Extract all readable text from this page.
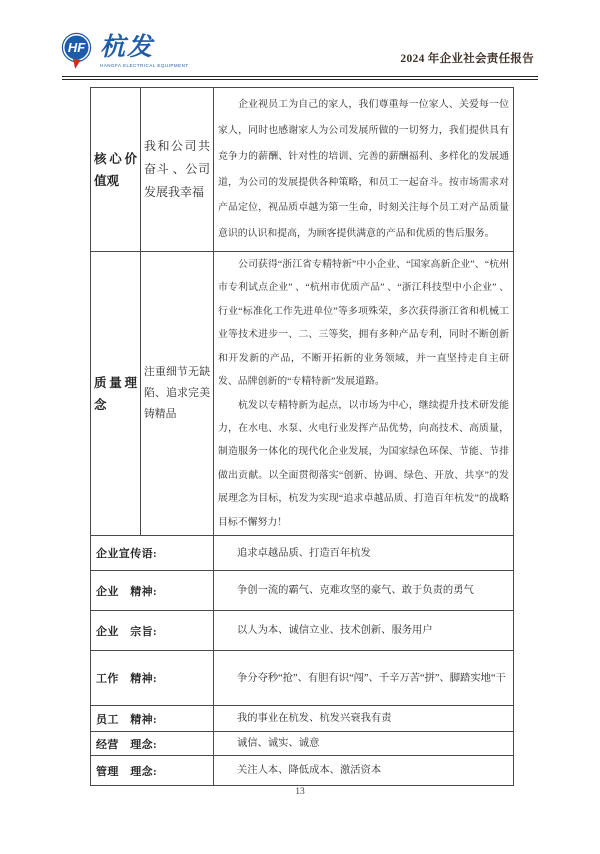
HF 杭发
HANGFA ELECTRICAL EQUIPMENT
2024 年企业社会责任报告
核心价值观	我和公司共奋斗 、公司发展我幸福	企业视员工为自己的家人，我们尊重每一位家人、关爱每一位家人，同时也感谢家人为公司发展所做的一切努力，我们提供具有竞争力的薪酬、针对性的培训、完善的薪酬福利、多样化的发展通道，为公司的发展提供各种策略，和员工一起奋斗。按市场需求对产品定位，视品质卓越为第一生命，时刻关注每个员工对产品质量意识的认识和提高，为顾客提供满意的产品和优质的售后服务。

质量理念	注重细节无缺陷、追求完美铸精品	公司获得“浙江省专精特新”中小企业、“国家高新企业”、“杭州市专利试点企业” 、“杭州市优质产品” 、“浙江科技型中小企业” 、行业“标准化工作先进单位”等多项殊荣，多次获得浙江省和机械工业等技术进步一、二、三等奖，拥有多种产品专利，同时不断创新和开发新的产品，不断开拓新的业务领域，并一直坚持走自主研发、品牌创新的“专精特新”发展道路。

杭发以专精特新为起点，以市场为中心，继续提升技术研发能力，在水电、水泵、火电行业发挥产品优势，向高技术、高质量，制造服务一体化的现代化企业发展，为国家绿色环保、节能、节排做出贡献。以全面贯彻落实“创新、协调、绿色、开放、共享”的发展理念为目标，杭发为实现“追求卓越品质、打造百年杭发”的战略目标不懈努力！

企业宣传语:		追求卓越品质、打造百年杭发
企业　精神:		争创一流的霸气、克难攻坚的豪气、敢于负责的勇气
企业　宗旨:		以人为本、诚信立业、技术创新、服务用户
工作　精神:		争分夺秒“抢”、有胆有识“闯”、千辛万苦“拼”、脚踏实地“干
员工　精神:		我的事业在杭发、杭发兴衰我有责
经营　理念:		诚信、诚实、诚意
管理　理念:		关注人本、降低成本、激活资本
13
